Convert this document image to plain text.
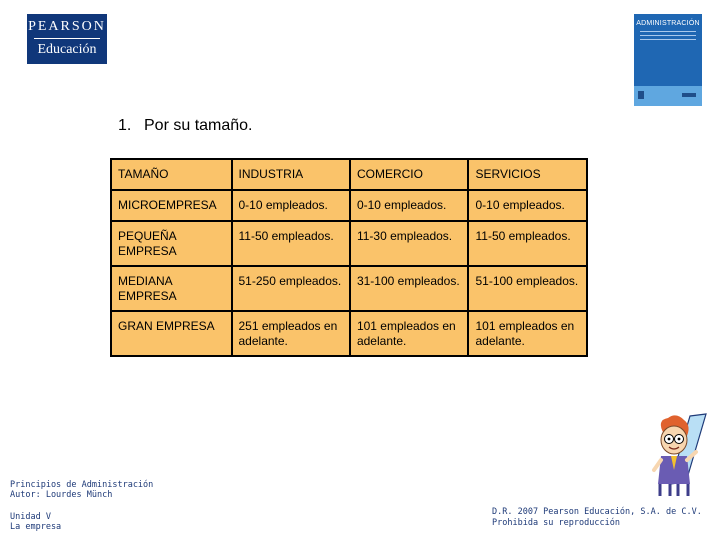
PEARSON
Educación
ADMINISTRACIÓN
1. Por su tamaño.
TAMAÑO	INDUSTRIA	COMERCIO	SERVICIOS
MICROEMPRESA	0-10 empleados.	0-10 empleados.	0-10 empleados.
PEQUEÑA EMPRESA	11-50 empleados.	11-30 empleados.	11-50 empleados.
MEDIANA EMPRESA	51-250 empleados.	31-100 empleados.	51-100 empleados.
GRAN EMPRESA	251 empleados en adelante.	101 empleados en adelante.	101 empleados en adelante.
Principios de Administración
Autor: Lourdes Münch
Unidad V
La empresa
D.R. 2007 Pearson Educación, S.A. de C.V.
Prohibida su reproducción
